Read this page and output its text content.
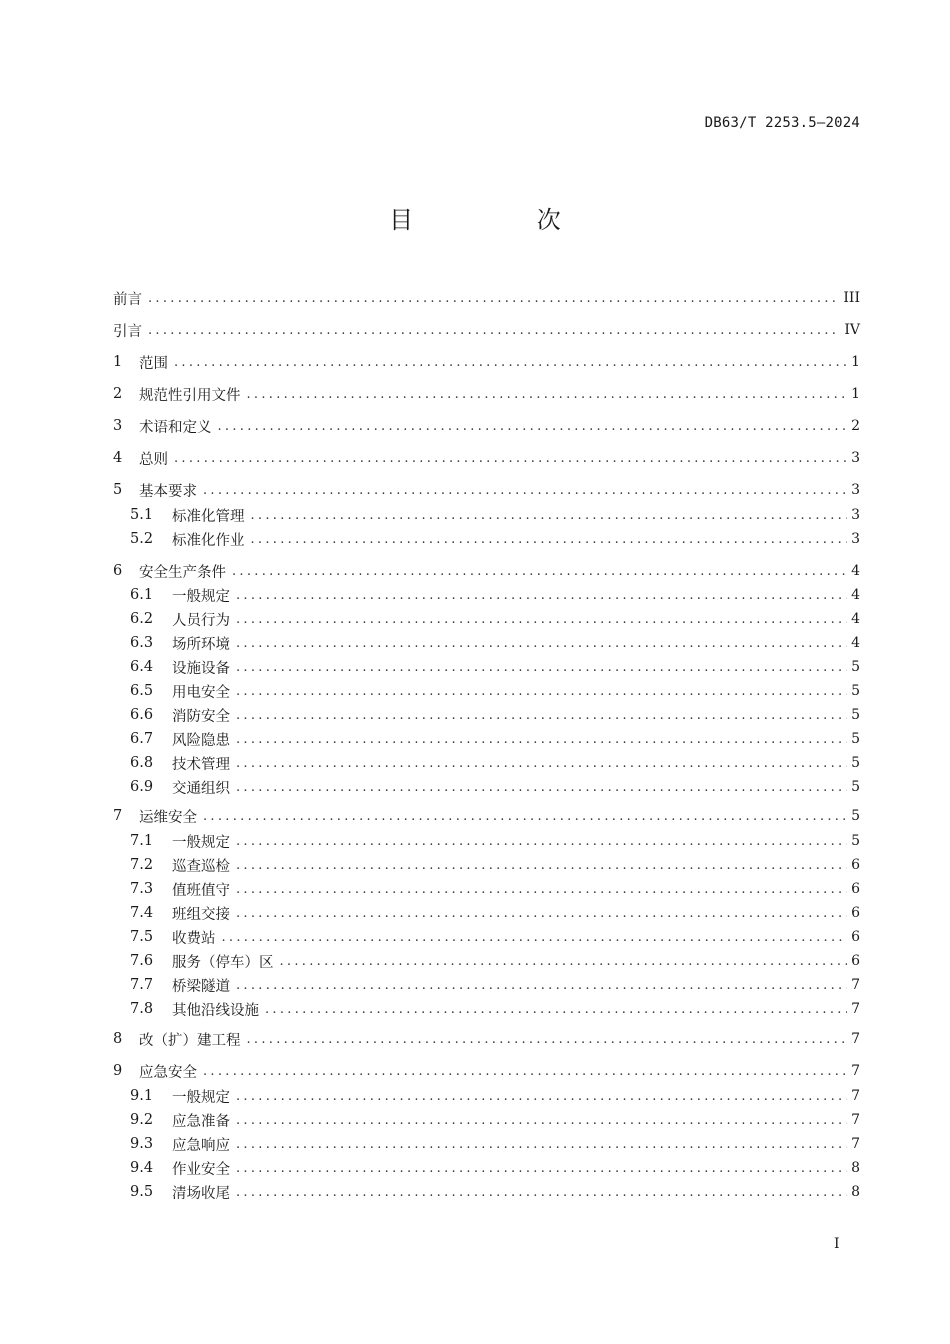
DB63/T 2253.5—2024
目 次
前言 .....	III
引言 .....	IV
1	范围 .....	1
2	规范性引用文件 .....	1
3	术语和定义 .....	2
4	总则 .....	3
5	基本要求 .....	3
5.1	标准化管理 .....	3
5.2	标准化作业 .....	3
6	安全生产条件 .....	4
6.1	一般规定 .....	4
6.2	人员行为 .....	4
6.3	场所环境 .....	4
6.4	设施设备 .....	5
6.5	用电安全 .....	5
6.6	消防安全 .....	5
6.7	风险隐患 .....	5
6.8	技术管理 .....	5
6.9	交通组织 .....	5
7	运维安全 .....	5
7.1	一般规定 .....	5
7.2	巡查巡检 .....	6
7.3	值班值守 .....	6
7.4	班组交接 .....	6
7.5	收费站 .....	6
7.6	服务（停车）区 .....	6
7.7	桥梁隧道 .....	7
7.8	其他沿线设施 .....	7
8	改（扩）建工程 .....	7
9	应急安全 .....	7
9.1	一般规定 .....	7
9.2	应急准备 .....	7
9.3	应急响应 .....	7
9.4	作业安全 .....	8
9.5	清场收尾 .....	8
I
